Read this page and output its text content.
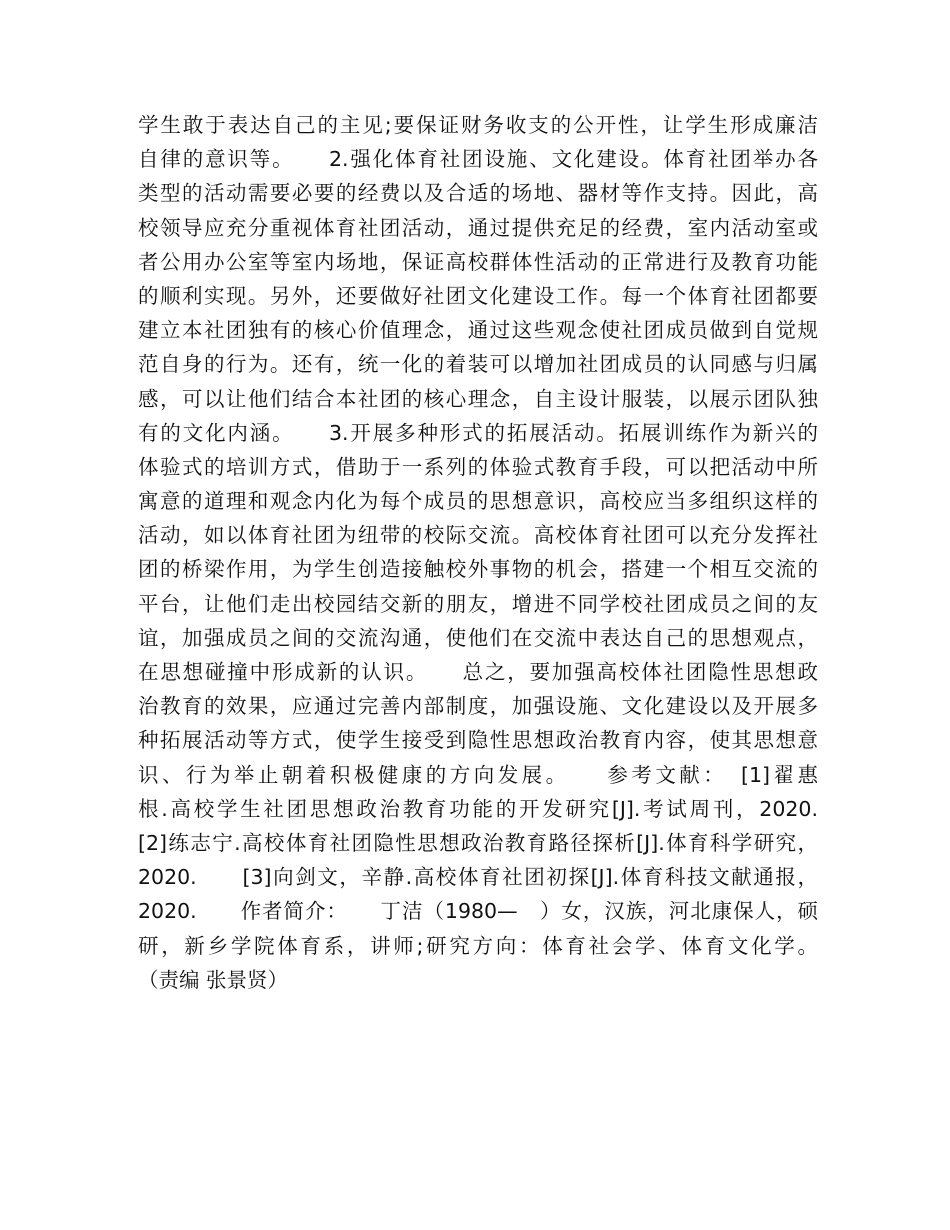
学生敢于表达自己的主见;要保证财务收支的公开性，让学生形成廉洁
自律的意识等。　　2.强化体育社团设施、文化建设。体育社团举办各
类型的活动需要必要的经费以及合适的场地、器材等作支持。因此，高
校领导应充分重视体育社团活动，通过提供充足的经费，室内活动室或
者公用办公室等室内场地，保证高校群体性活动的正常进行及教育功能
的顺利实现。另外，还要做好社团文化建设工作。每一个体育社团都要
建立本社团独有的核心价值理念，通过这些观念使社团成员做到自觉规
范自身的行为。还有，统一化的着装可以增加社团成员的认同感与归属
感，可以让他们结合本社团的核心理念，自主设计服装，以展示团队独
有的文化内涵。　　3.开展多种形式的拓展活动。拓展训练作为新兴的
体验式的培训方式，借助于一系列的体验式教育手段，可以把活动中所
寓意的道理和观念内化为每个成员的思想意识，高校应当多组织这样的
活动，如以体育社团为纽带的校际交流。高校体育社团可以充分发挥社
团的桥梁作用，为学生创造接触校外事物的机会，搭建一个相互交流的
平台，让他们走出校园结交新的朋友，增进不同学校社团成员之间的友
谊，加强成员之间的交流沟通，使他们在交流中表达自己的思想观点，
在思想碰撞中形成新的认识。　　总之，要加强高校体社团隐性思想政
治教育的效果，应通过完善内部制度，加强设施、文化建设以及开展多
种拓展活动等方式，使学生接受到隐性思想政治教育内容，使其思想意
识、行为举止朝着积极健康的方向发展。　　参考文献：　[1]翟惠
根.高校学生社团思想政治教育功能的开发研究[J].考试周刊，2020.
[2]练志宁.高校体育社团隐性思想政治教育路径探析[J].体育科学研究，
2020.　　[3]向剑文，辛静.高校体育社团初探[J].体育科技文献通报，
2020.　　作者简介：　　丁洁（1980—　）女，汉族，河北康保人，硕
研，新乡学院体育系，讲师;研究方向：体育社会学、体育文化学。
（责编 张景贤）
